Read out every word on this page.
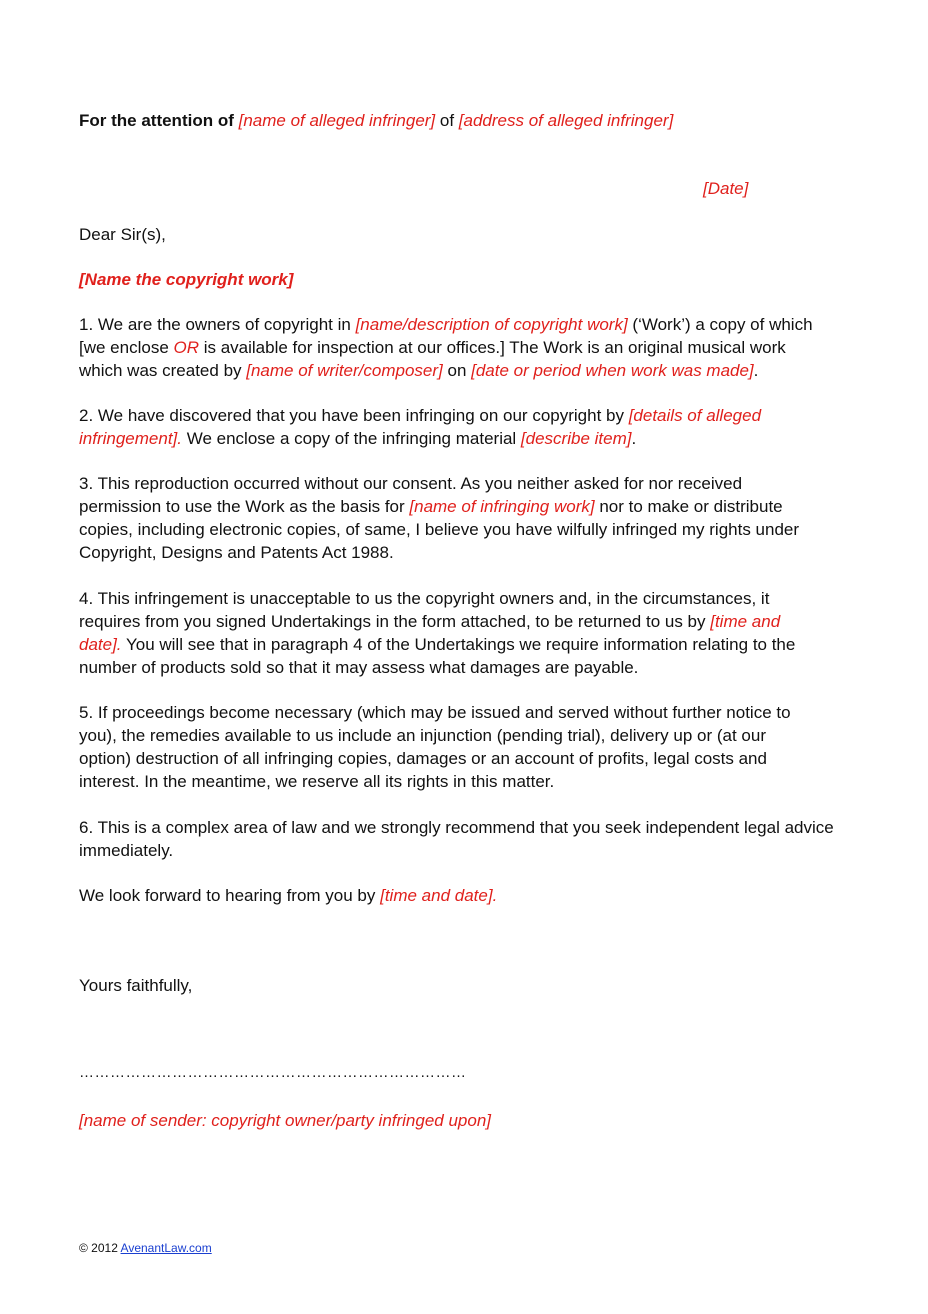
For the attention of [name of alleged infringer] of [address of alleged infringer]
[Date]
Dear Sir(s),
[Name the copyright work]
1. We are the owners of copyright in [name/description of copyright work] (‘Work’) a copy of which
[we enclose OR is available for inspection at our offices.] The Work is an original musical work
which was created by [name of writer/composer] on [date or period when work was made].
2. We have discovered that you have been infringing on our copyright by [details of alleged
infringement]. We enclose a copy of the infringing material [describe item].
3. This reproduction occurred without our consent. As you neither asked for nor received
permission to use the Work as the basis for [name of infringing work] nor to make or distribute
copies, including electronic copies, of same, I believe you have wilfully infringed my rights under
Copyright, Designs and Patents Act 1988.
4. This infringement is unacceptable to us the copyright owners and, in the circumstances, it
requires from you signed Undertakings in the form attached, to be returned to us by [time and
date]. You will see that in paragraph 4 of the Undertakings we require information relating to the
number of products sold so that it may assess what damages are payable.
5. If proceedings become necessary (which may be issued and served without further notice to
you), the remedies available to us include an injunction (pending trial), delivery up or (at our
option) destruction of all infringing copies, damages or an account of profits, legal costs and
interest. In the meantime, we reserve all its rights in this matter.
6. This is a complex area of law and we strongly recommend that you seek independent legal advice
immediately.
We look forward to hearing from you by [time and date].
Yours faithfully,
…………………………………………………………………
[name of sender: copyright owner/party infringed upon]
© 2012 AvenantLaw.com
